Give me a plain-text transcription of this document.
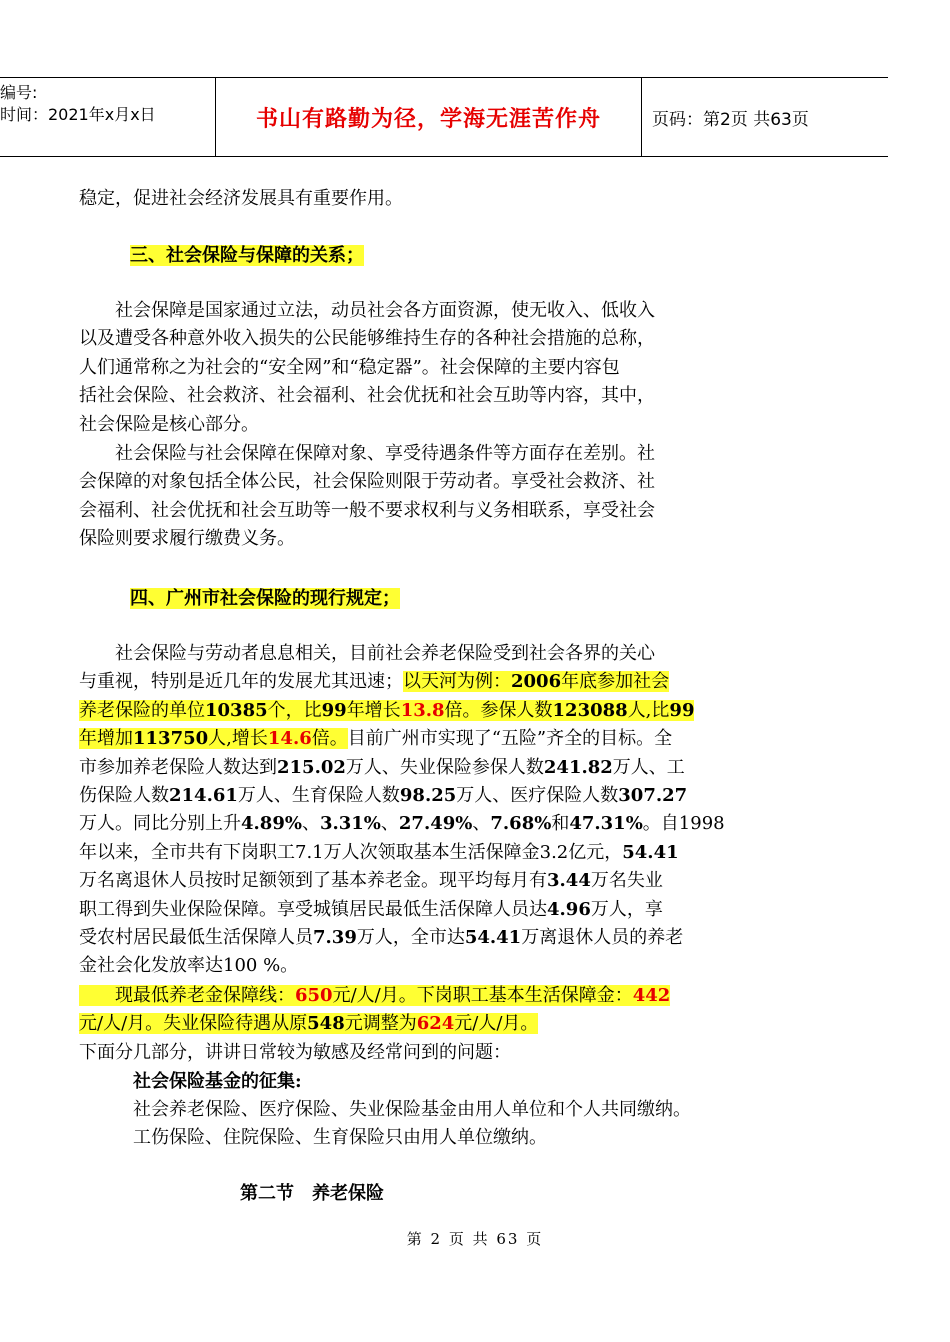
编号:
时间：2021年x月x日	书山有路勤为径，学海无涯苦作舟	页码：第2页 共63页

稳定，促进社会经济发展具有重要作用。

三、社会保险与保障的关系；

　　社会保障是国家通过立法，动员社会各方面资源，使无收入、低收入

以及遭受各种意外收入损失的公民能够维持生存的各种社会措施的总称，

人们通常称之为社会的“安全网”和“稳定器”。社会保障的主要内容包

括社会保险、社会救济、社会福利、社会优抚和社会互助等内容，其中，

社会保险是核心部分。

　　社会保险与社会保障在保障对象、享受待遇条件等方面存在差别。社

会保障的对象包括全体公民，社会保险则限于劳动者。享受社会救济、社

会福利、社会优抚和社会互助等一般不要求权利与义务相联系，享受社会

保险则要求履行缴费义务。

四、广州市社会保险的现行规定；

　　社会保险与劳动者息息相关，目前社会养老保险受到社会各界的关心

与重视，特别是近几年的发展尤其迅速；以天河为例：2006年底参加社会

养老保险的单位10385个，比99年增长13.8倍。参保人数123088人,比99

年增加113750人,增长14.6倍。目前广州市实现了“五险”齐全的目标。全

市参加养老保险人数达到215.02万人、失业保险参保人数241.82万人、工

伤保险人数214.61万人、生育保险人数98.25万人、医疗保险人数307.27

万人。同比分别上升4.89%、3.31%、27.49%、7.68%和47.31%。自1998

年以来，全市共有下岗职工7.1万人次领取基本生活保障金3.2亿元，54.41

万名离退休人员按时足额领到了基本养老金。现平均每月有3.44万名失业

职工得到失业保险保障。享受城镇居民最低生活保障人员达4.96万人，享

受农村居民最低生活保障人员7.39万人，全市达54.41万离退休人员的养老

金社会化发放率达100 %。

　　现最低养老金保障线：650元/人/月。下岗职工基本生活保障金：442

元/人/月。失业保险待遇从原548元调整为624元/人/月。

下面分几部分，讲讲日常较为敏感及经常问到的问题：

社会保险基金的征集:

社会养老保险、医疗保险、失业保险基金由用人单位和个人共同缴纳。

工伤保险、住院保险、生育保险只由用人单位缴纳。

第二节　养老保险
第 2 页 共 63 页
